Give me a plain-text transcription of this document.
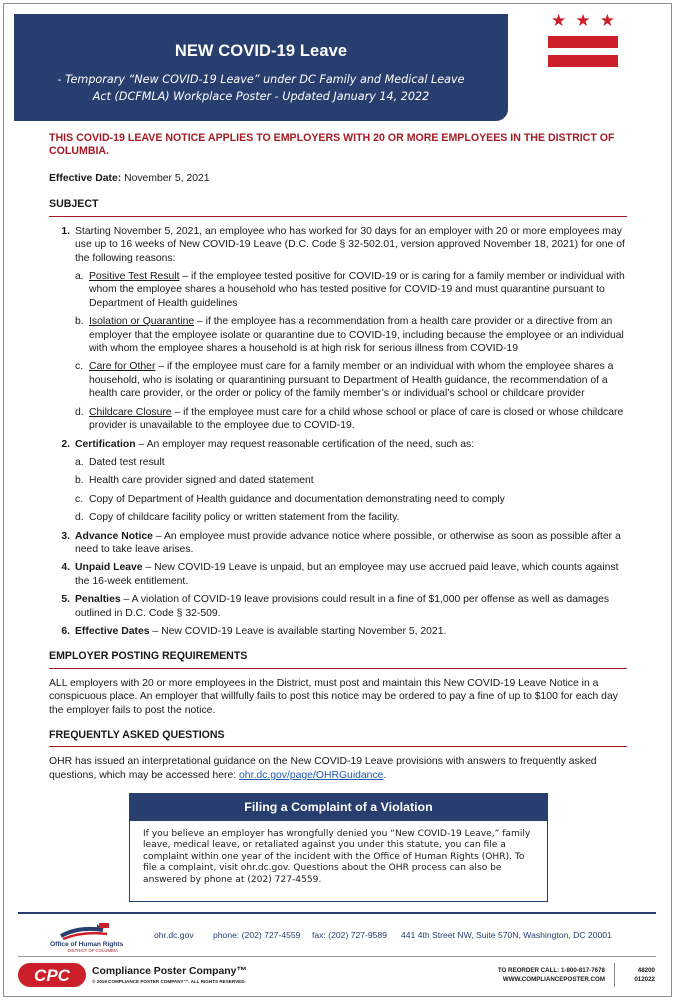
NEW COVID-19 Leave
- Temporary “New COVID-19 Leave” under DC Family and Medical Leave Act (DCFMLA) Workplace Poster - Updated January 14, 2022
★ ★ ★
THIS COVID-19 LEAVE NOTICE APPLIES TO EMPLOYERS WITH 20 OR MORE EMPLOYEES IN THE DISTRICT OF COLUMBIA.
Effective Date: November 5, 2021
SUBJECT
1. Starting November 5, 2021, an employee who has worked for 30 days for an employer with 20 or more employees may use up to 16 weeks of New COVID-19 Leave (D.C. Code § 32-502.01, version approved November 18, 2021) for one of the following reasons:
a. Positive Test Result – if the employee tested positive for COVID-19 or is caring for a family member or individual with whom the employee shares a household who has tested positive for COVID-19 and must quarantine pursuant to Department of Health guidelines
b. Isolation or Quarantine – if the employee has a recommendation from a health care provider or a directive from an employer that the employee isolate or quarantine due to COVID-19, including because the employee or an individual with whom the employee shares a household is at high risk for serious illness from COVID-19
c. Care for Other – if the employee must care for a family member or an individual with whom the employee shares a household, who is isolating or quarantining pursuant to Department of Health guidance, the recommendation of a health care provider, or the order or policy of the family member’s or individual’s school or childcare provider
d. Childcare Closure – if the employee must care for a child whose school or place of care is closed or whose childcare provider is unavailable to the employee due to COVID-19.
2. Certification – An employer may request reasonable certification of the need, such as:
a. Dated test result
b. Health care provider signed and dated statement
c. Copy of Department of Health guidance and documentation demonstrating need to comply
d. Copy of childcare facility policy or written statement from the facility.
3. Advance Notice – An employee must provide advance notice where possible, or otherwise as soon as possible after a need to take leave arises.
4. Unpaid Leave – New COVID-19 Leave is unpaid, but an employee may use accrued paid leave, which counts against the 16-week entitlement.
5. Penalties – A violation of COVID-19 leave provisions could result in a fine of $1,000 per offense as well as damages outlined in D.C. Code § 32-509.
6. Effective Dates – New COVID-19 Leave is available starting November 5, 2021.
EMPLOYER POSTING REQUIREMENTS
ALL employers with 20 or more employees in the District, must post and maintain this New COVID-19 Leave Notice in a conspicuous place. An employer that willfully fails to post this notice may be ordered to pay a fine of up to $100 for each day the employer fails to post the notice.
FREQUENTLY ASKED QUESTIONS
OHR has issued an interpretational guidance on the New COVID-19 Leave provisions with answers to frequently asked questions, which may be accessed here: ohr.dc.gov/page/OHRGuidance.
Filing a Complaint of a Violation
If you believe an employer has wrongfully denied you “New COVID-19 Leave,” family leave, medical leave, or retaliated against you under this statute, you can file a complaint within one year of the incident with the Office of Human Rights (OHR). To file a complaint, visit ohr.dc.gov. Questions about the OHR process can also be answered by phone at (202) 727-4559.
Office of Human Rights
DISTRICT OF COLUMBIA
ohr.dc.gov phone: (202) 727-4559 fax: (202) 727-9589 441 4th Street NW, Suite 570N, Washington, DC 20001
CPC Compliance Poster Company™
© 2019 COMPLIANCE POSTER COMPANY™. ALL RIGHTS RESERVED.
TO REORDER CALL: 1-800-817-7678
WWW.COMPLIANCEPOSTER.COM
48200
012022
